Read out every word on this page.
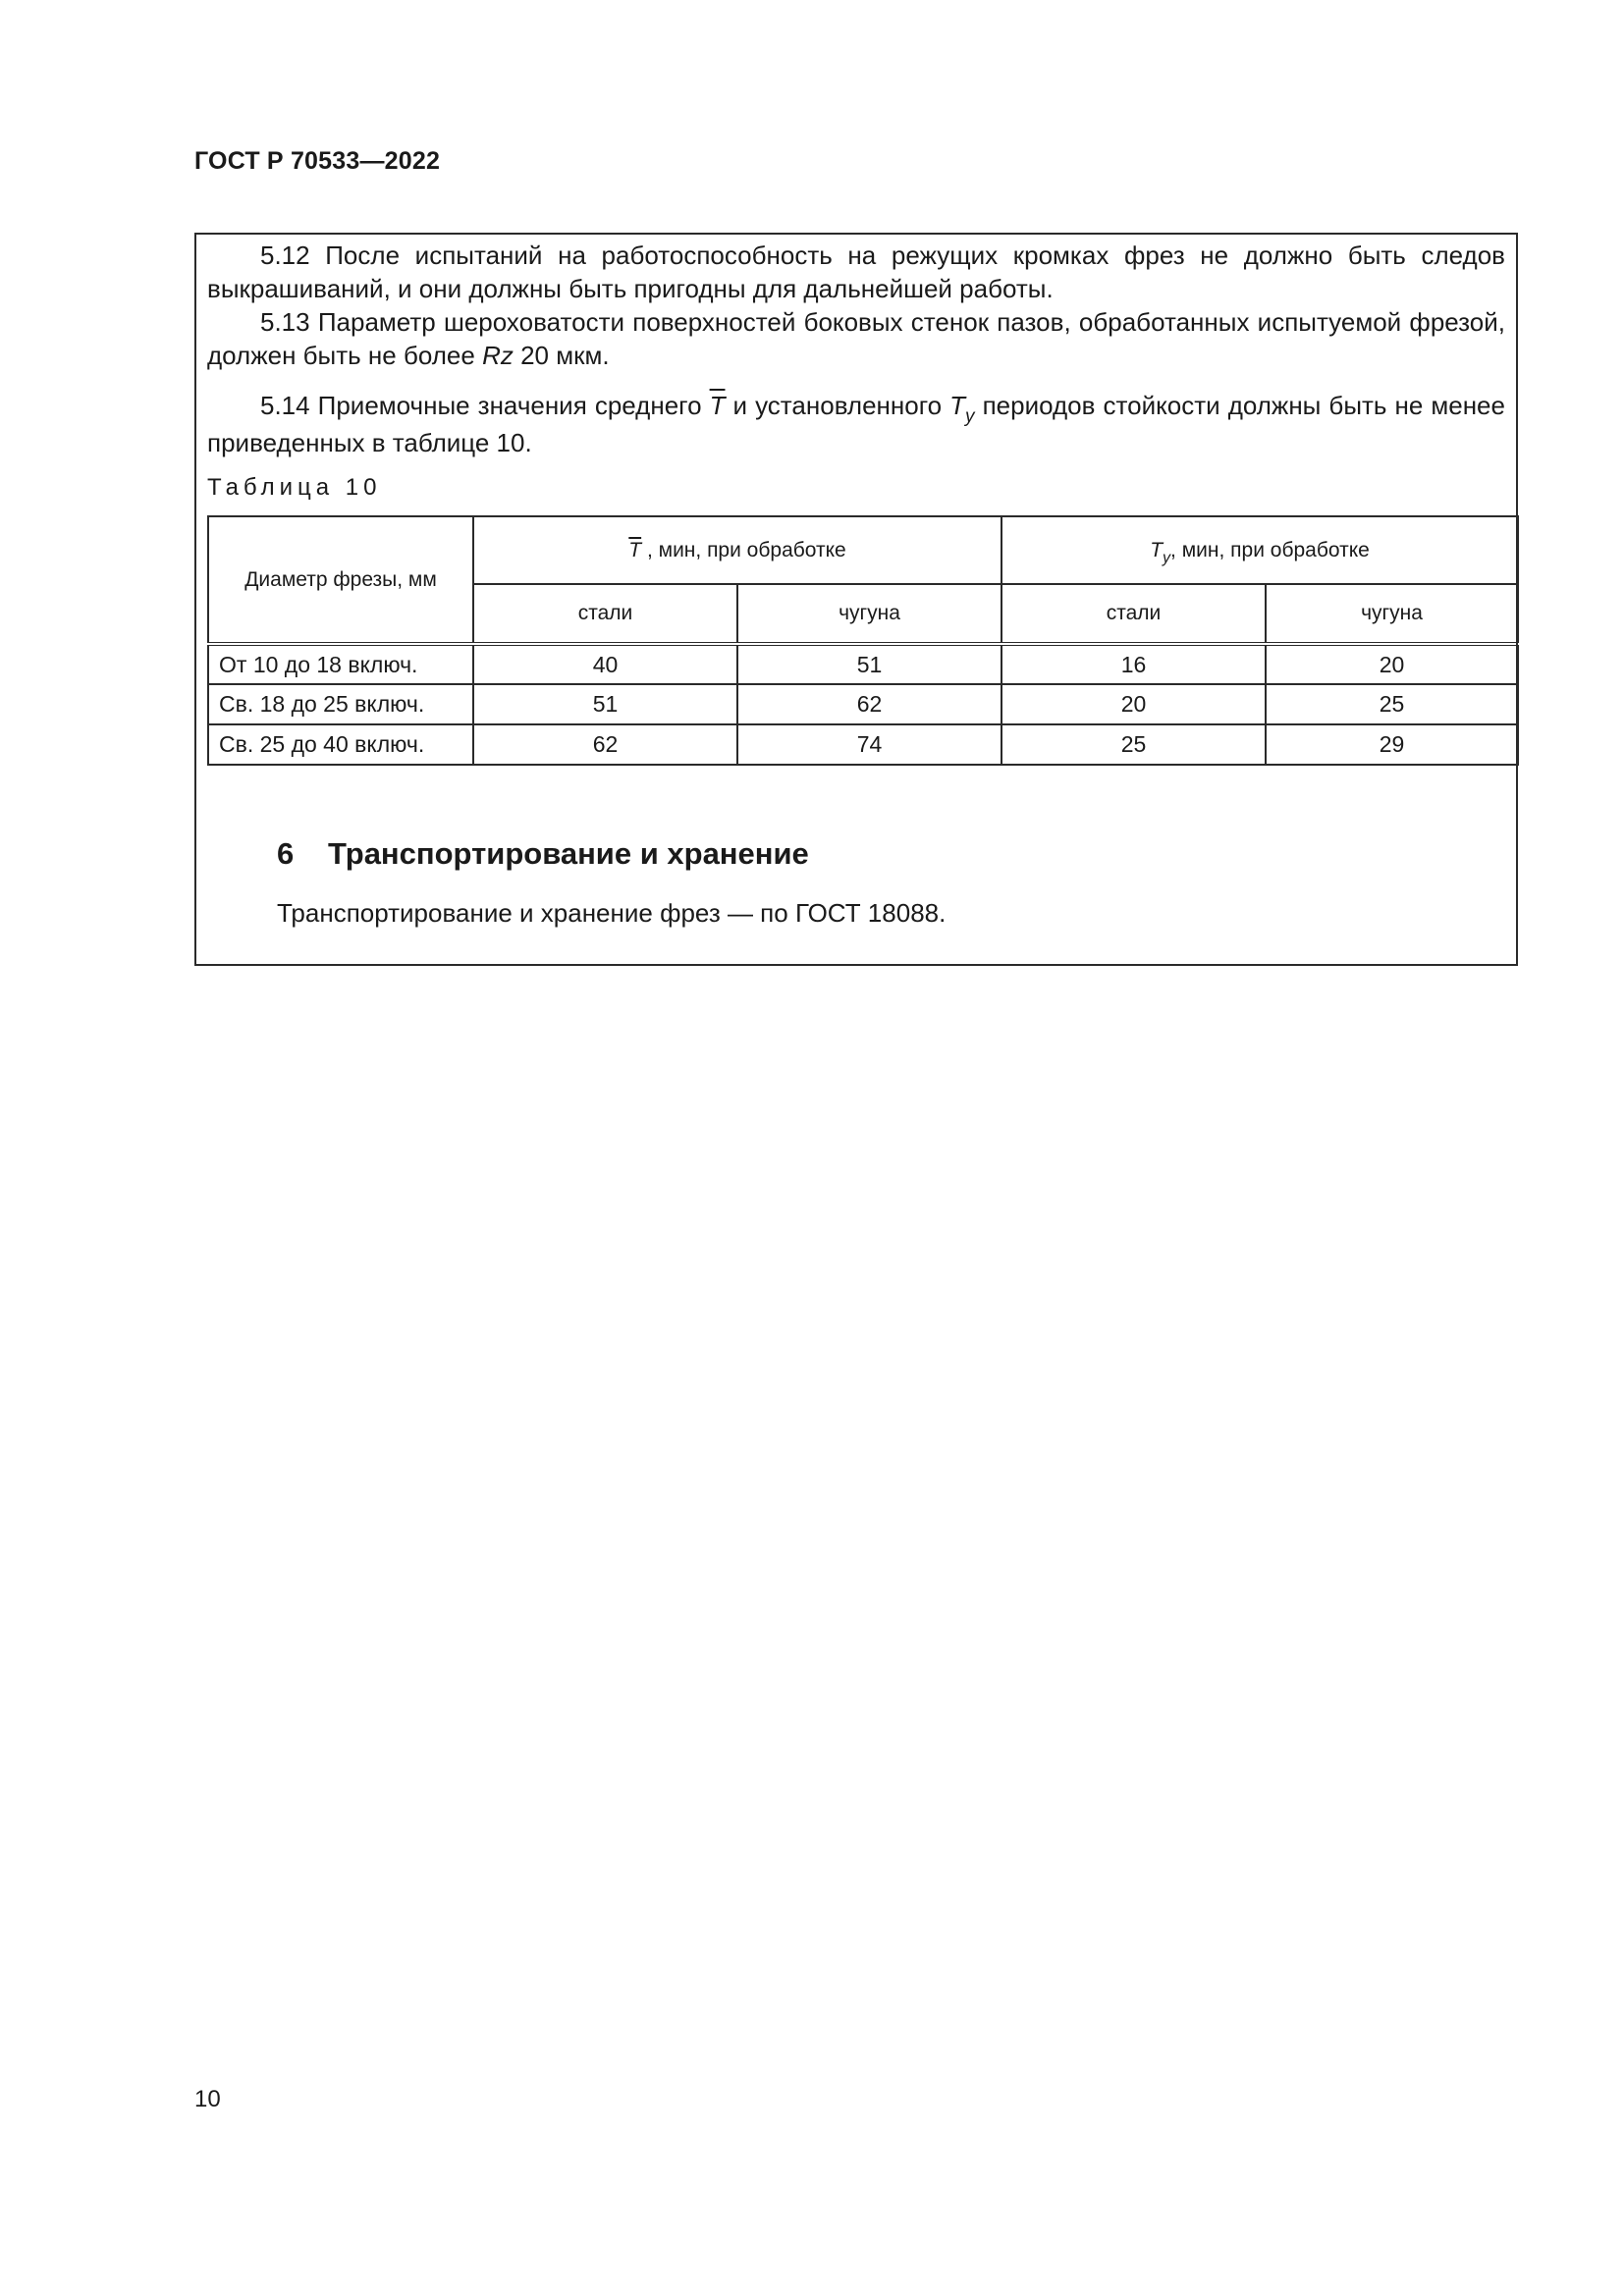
ГОСТ Р 70533—2022
5.12 После испытаний на работоспособность на режущих кромках фрез не должно быть следов выкрашиваний, и они должны быть пригодны для дальнейшей работы.
5.13 Параметр шероховатости поверхностей боковых стенок пазов, обработанных испытуемой фрезой, должен быть не более Rz 20 мкм.
5.14 Приемочные значения среднего $\overline{T}$ и установленного $T_y$ периодов стойкости должны быть не менее приведенных в таблице 10.
Таблица 10
Диаметр фрезы, мм	$\overline{T}$ , мин, при обработке		$T_y$, мин, при обработке	
	стали	чугуна	стали	чугуна
От 10 до 18 включ.	40	51	16	20
Св. 18 до 25 включ.	51	62	20	25
Св. 25 до 40 включ.	62	74	25	29
6 Транспортирование и хранение
Транспортирование и хранение фрез — по ГОСТ 18088.
10
